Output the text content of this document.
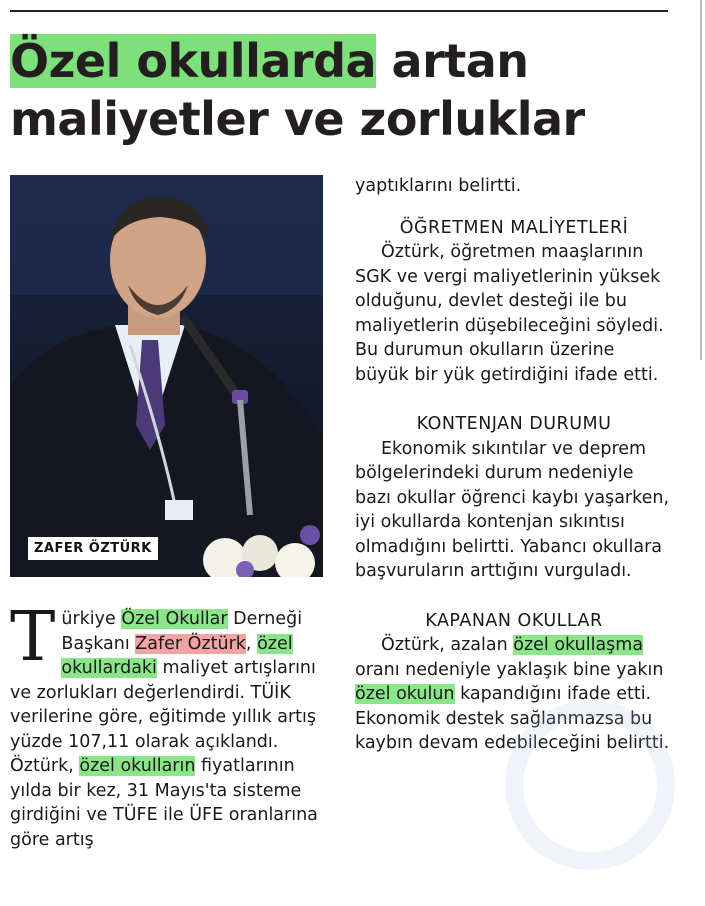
Özel okullarda artan maliyetler ve zorluklar
ZAFER ÖZTÜRK

Türkiye Özel Okullar Derneği Başkanı Zafer Öztürk, özel okullardaki maliyet artışlarını ve zorlukları değerlendirdi. TÜİK verilerine göre, eğitimde yıllık artış yüzde 107,11 olarak açıklandı. Öztürk, özel okulların fiyatlarının yılda bir kez, 31 Mayıs'ta sisteme girdiğini ve TÜFE ile ÜFE oranlarına göre artış

yaptıklarını belirtti.

ÖĞRETMEN MALİYETLERİ

Öztürk, öğretmen maaşlarının SGK ve vergi maliyetlerinin yüksek olduğunu, devlet desteği ile bu maliyetlerin düşebileceğini söyledi. Bu durumun okulların üzerine büyük bir yük getirdiğini ifade etti.

KONTENJAN DURUMU

Ekonomik sıkıntılar ve deprem bölgelerindeki durum nedeniyle bazı okullar öğrenci kaybı yaşarken, iyi okullarda kontenjan sıkıntısı olmadığını belirtti. Yabancı okullara başvuruların arttığını vurguladı.

KAPANAN OKULLAR

Öztürk, azalan özel okullaşma oranı nedeniyle yaklaşık bine yakın özel okulun kapandığını ifade etti. Ekonomik destek sağlanmazsa bu kaybın devam edebileceğini belirtti.
